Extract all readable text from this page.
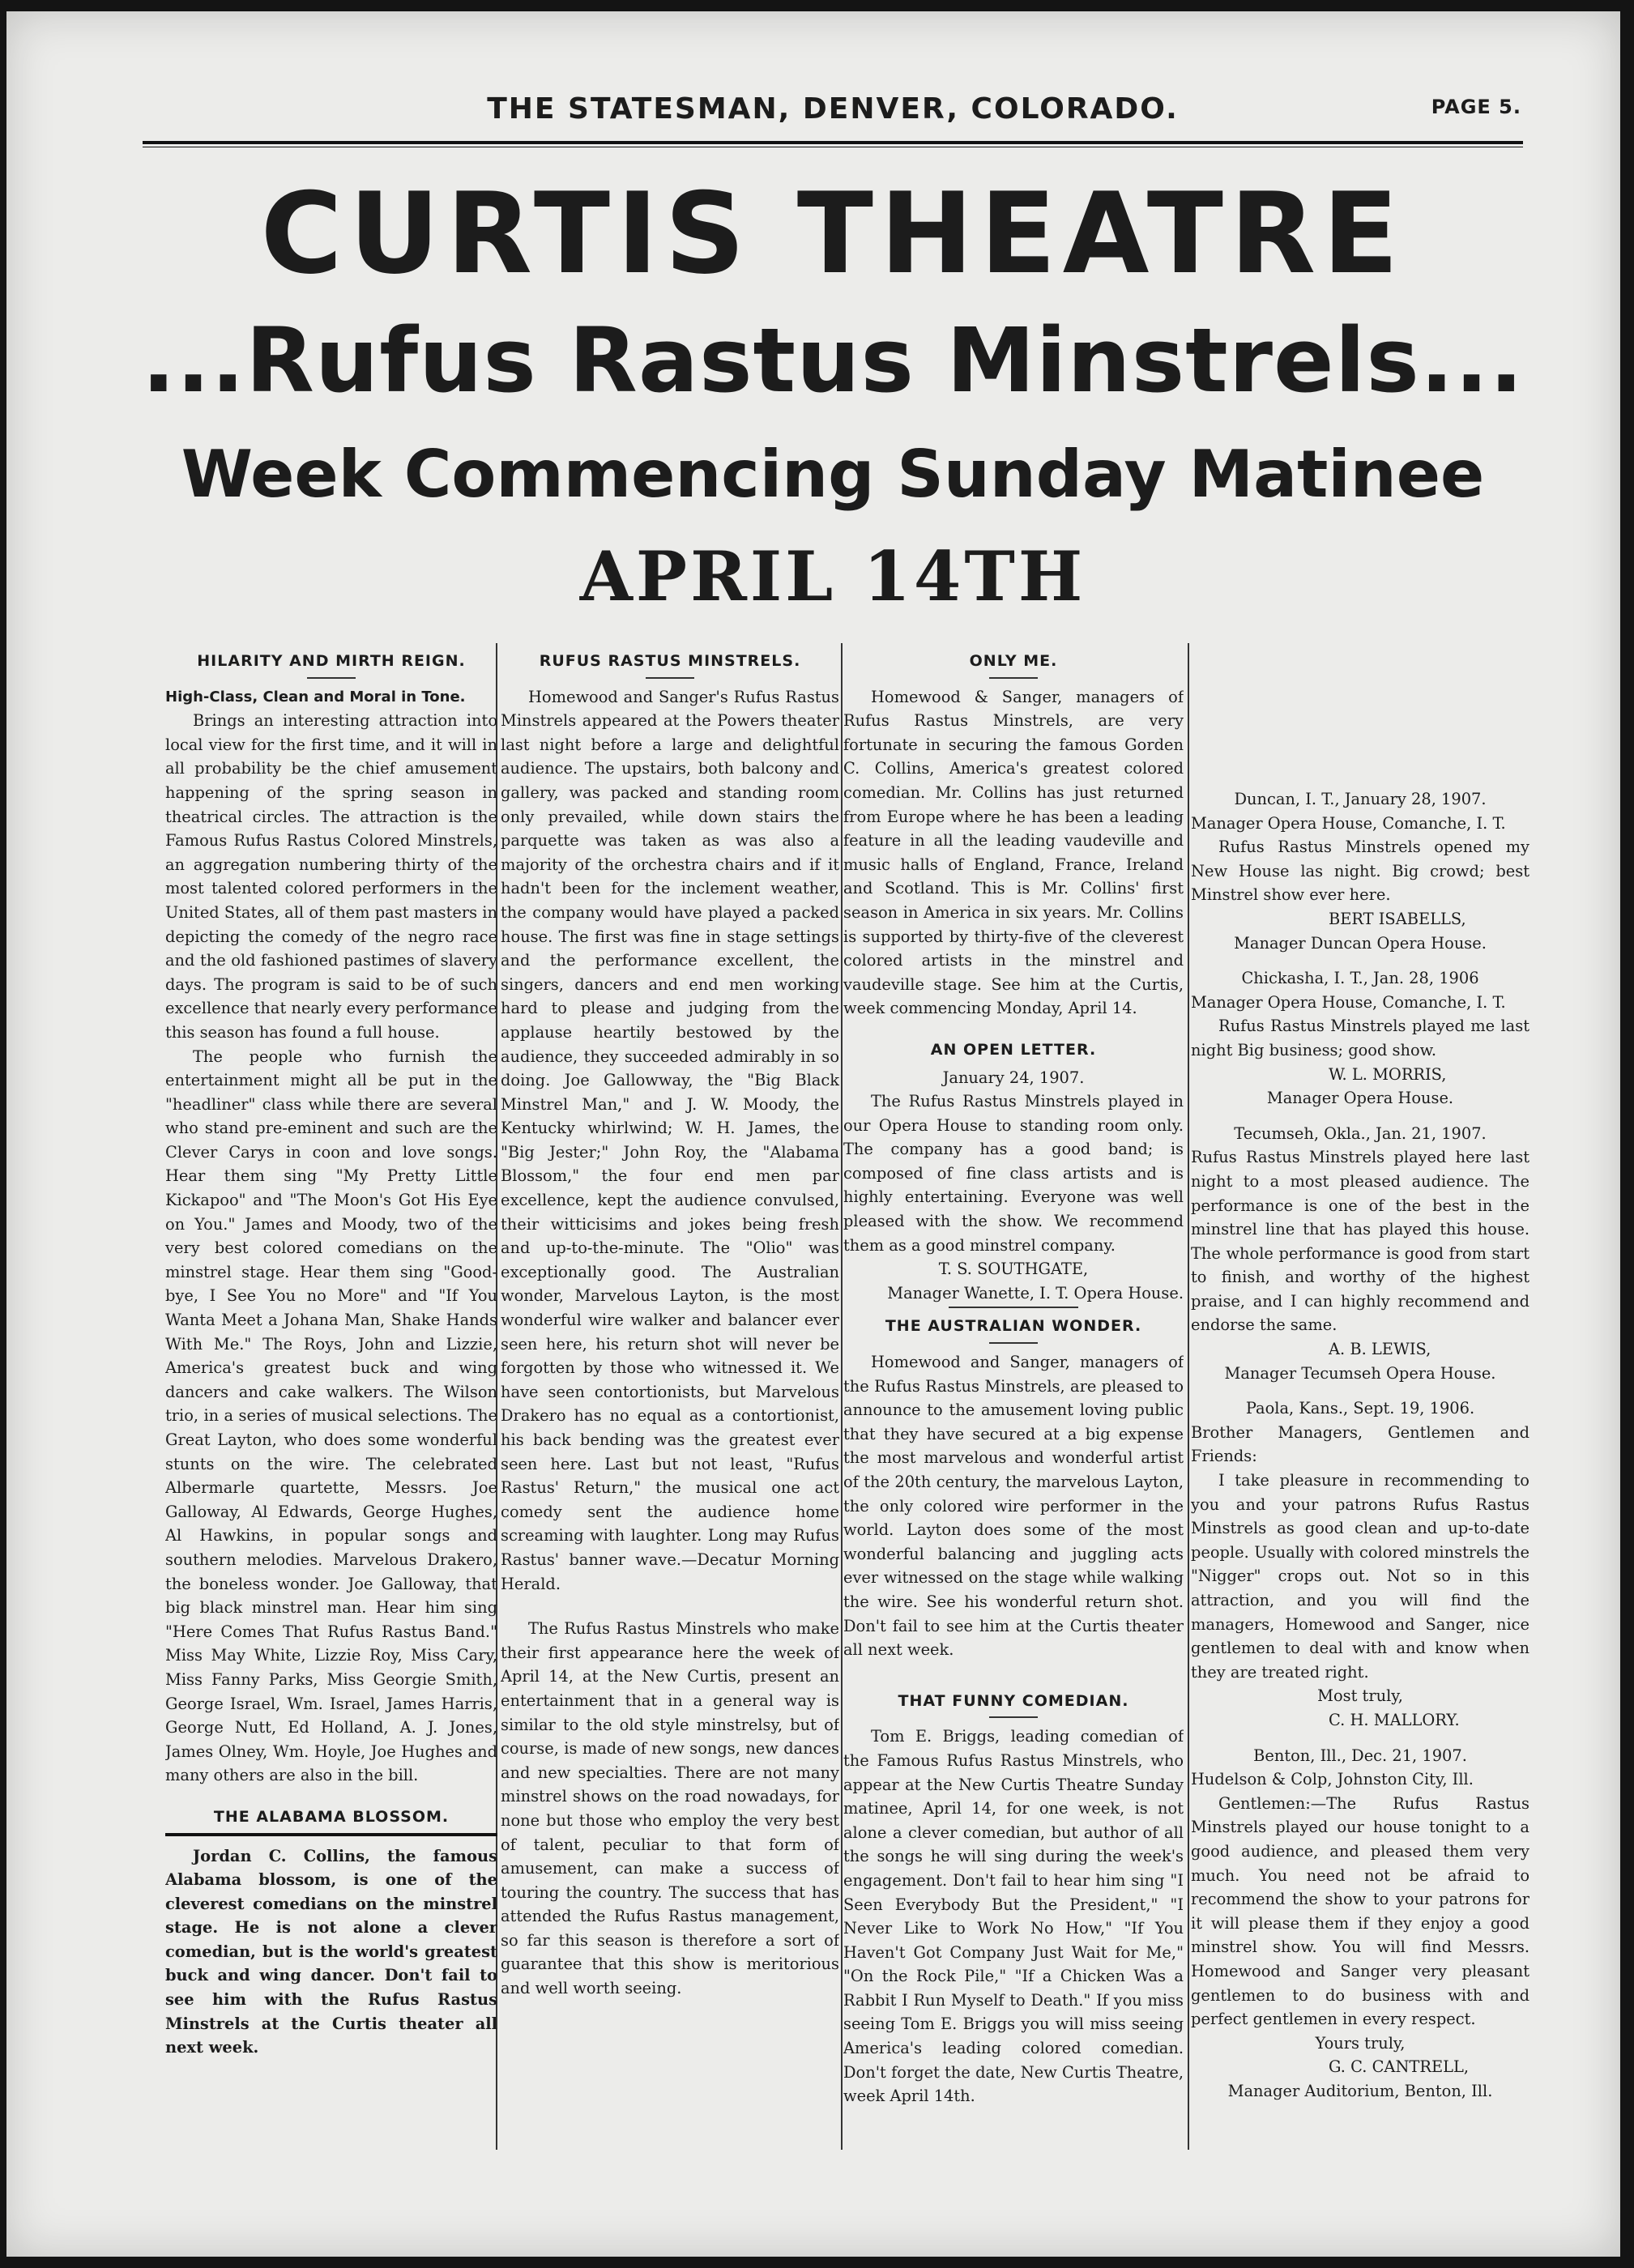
THE STATESMAN, DENVER, COLORADO.	PAGE 5.
CURTIS THEATRE
...Rufus Rastus Minstrels...
Week Commencing Sunday Matinee
APRIL 14TH
HILARITY AND MIRTH REIGN.

High-Class, Clean and Moral in Tone.

Brings an interesting attraction into local view for the first time, and it will in all probability be the chief amusement happening of the spring season in theatrical circles. The attraction is the Famous Rufus Rastus Colored Minstrels, an aggregation numbering thirty of the most talented colored performers in the United States, all of them past masters in depicting the comedy of the negro race and the old fashioned pastimes of slavery days. The program is said to be of such excellence that nearly every performance this season has found a full house.

The people who furnish the entertainment might all be put in the "headliner" class while there are several who stand pre-eminent and such are the Clever Carys in coon and love songs. Hear them sing "My Pretty Little Kickapoo" and "The Moon's Got His Eye on You." James and Moody, two of the very best colored comedians on the minstrel stage. Hear them sing "Good-bye, I See You no More" and "If You Wanta Meet a Johana Man, Shake Hands With Me." The Roys, John and Lizzie, America's greatest buck and wing dancers and cake walkers. The Wilson trio, in a series of musical selections. The Great Layton, who does some wonderful stunts on the wire. The celebrated Albermarle quartette, Messrs. Joe Galloway, Al Edwards, George Hughes, Al Hawkins, in popular songs and southern melodies. Marvelous Drakero, the boneless wonder. Joe Galloway, that big black minstrel man. Hear him sing "Here Comes That Rufus Rastus Band." Miss May White, Lizzie Roy, Miss Cary, Miss Fanny Parks, Miss Georgie Smith, George Israel, Wm. Israel, James Harris, George Nutt, Ed Holland, A. J. Jones, James Olney, Wm. Hoyle, Joe Hughes and many others are also in the bill.

THE ALABAMA BLOSSOM.

Jordan C. Collins, the famous Alabama blossom, is one of the cleverest comedians on the minstrel stage. He is not alone a clever comedian, but is the world's greatest buck and wing dancer. Don't fail to see him with the Rufus Rastus Minstrels at the Curtis theater all next week.

RUFUS RASTUS MINSTRELS.

Homewood and Sanger's Rufus Rastus Minstrels appeared at the Powers theater last night before a large and delightful audience. The upstairs, both balcony and gallery, was packed and standing room only prevailed, while down stairs the parquette was taken as was also a majority of the orchestra chairs and if it hadn't been for the inclement weather, the company would have played a packed house. The first was fine in stage settings and the performance excellent, the singers, dancers and end men working hard to please and judging from the applause heartily bestowed by the audience, they succeeded admirably in so doing. Joe Gallowway, the "Big Black Minstrel Man," and J. W. Moody, the Kentucky whirlwind; W. H. James, the "Big Jester;" John Roy, the "Alabama Blossom," the four end men par excellence, kept the audience convulsed, their witticisims and jokes being fresh and up-to-the-minute. The "Olio" was exceptionally good. The Australian wonder, Marvelous Layton, is the most wonderful wire walker and balancer ever seen here, his return shot will never be forgotten by those who witnessed it. We have seen contortionists, but Marvelous Drakero has no equal as a contortionist, his back bending was the greatest ever seen here. Last but not least, "Rufus Rastus' Return," the musical one act comedy sent the audience home screaming with laughter. Long may Rufus Rastus' banner wave.—Decatur Morning Herald.

The Rufus Rastus Minstrels who make their first appearance here the week of April 14, at the New Curtis, present an entertainment that in a general way is similar to the old style minstrelsy, but of course, is made of new songs, new dances and new specialties. There are not many minstrel shows on the road nowadays, for none but those who employ the very best of talent, peculiar to that form of amusement, can make a success of touring the country. The success that has attended the Rufus Rastus management, so far this season is therefore a sort of guarantee that this show is meritorious and well worth seeing.

ONLY ME.

Homewood & Sanger, managers of Rufus Rastus Minstrels, are very fortunate in securing the famous Gorden C. Collins, America's greatest colored comedian. Mr. Collins has just returned from Europe where he has been a leading feature in all the leading vaudeville and music halls of England, France, Ireland and Scotland. This is Mr. Collins' first season in America in six years. Mr. Collins is supported by thirty-five of the cleverest colored artists in the minstrel and vaudeville stage. See him at the Curtis, week commencing Monday, April 14.

AN OPEN LETTER.

January 24, 1907.

The Rufus Rastus Minstrels played in our Opera House to standing room only. The company has a good band; is composed of fine class artists and is highly entertaining. Everyone was well pleased with the show. We recommend them as a good minstrel company.

T. S. SOUTHGATE,

Manager Wanette, I. T. Opera House.

THE AUSTRALIAN WONDER.

Homewood and Sanger, managers of the Rufus Rastus Minstrels, are pleased to announce to the amusement loving public that they have secured at a big expense the most marvelous and wonderful artist of the 20th century, the marvelous Layton, the only colored wire performer in the world. Layton does some of the most wonderful balancing and juggling acts ever witnessed on the stage while walking the wire. See his wonderful return shot. Don't fail to see him at the Curtis theater all next week.

THAT FUNNY COMEDIAN.

Tom E. Briggs, leading comedian of the Famous Rufus Rastus Minstrels, who appear at the New Curtis Theatre Sunday matinee, April 14, for one week, is not alone a clever comedian, but author of all the songs he will sing during the week's engagement. Don't fail to hear him sing "I Seen Everybody But the President," "I Never Like to Work No How," "If You Haven't Got Company Just Wait for Me," "On the Rock Pile," "If a Chicken Was a Rabbit I Run Myself to Death." If you miss seeing Tom E. Briggs you will miss seeing America's leading colored comedian. Don't forget the date, New Curtis Theatre, week April 14th.

Duncan, I. T., January 28, 1907.

Manager Opera House, Comanche, I. T.

Rufus Rastus Minstrels opened my New House las night. Big crowd; best Minstrel show ever here.

BERT ISABELLS,

Manager Duncan Opera House.

Chickasha, I. T., Jan. 28, 1906

Manager Opera House, Comanche, I. T.

Rufus Rastus Minstrels played me last night Big business; good show.

W. L. MORRIS,

Manager Opera House.

Tecumseh, Okla., Jan. 21, 1907.

Rufus Rastus Minstrels played here last night to a most pleased audience. The performance is one of the best in the minstrel line that has played this house. The whole performance is good from start to finish, and worthy of the highest praise, and I can highly recommend and endorse the same.

A. B. LEWIS,

Manager Tecumseh Opera House.

Paola, Kans., Sept. 19, 1906.

Brother Managers, Gentlemen and Friends:

I take pleasure in recommending to you and your patrons Rufus Rastus Minstrels as good clean and up-to-date people. Usually with colored minstrels the "Nigger" crops out. Not so in this attraction, and you will find the managers, Homewood and Sanger, nice gentlemen to deal with and know when they are treated right.

Most truly,

C. H. MALLORY.

Benton, Ill., Dec. 21, 1907.

Hudelson & Colp, Johnston City, Ill.

Gentlemen:—The Rufus Rastus Minstrels played our house tonight to a good audience, and pleased them very much. You need not be afraid to recommend the show to your patrons for it will please them if they enjoy a good minstrel show. You will find Messrs. Homewood and Sanger very pleasant gentlemen to do business with and perfect gentlemen in every respect.

Yours truly,

G. C. CANTRELL,

Manager Auditorium, Benton, Ill.
